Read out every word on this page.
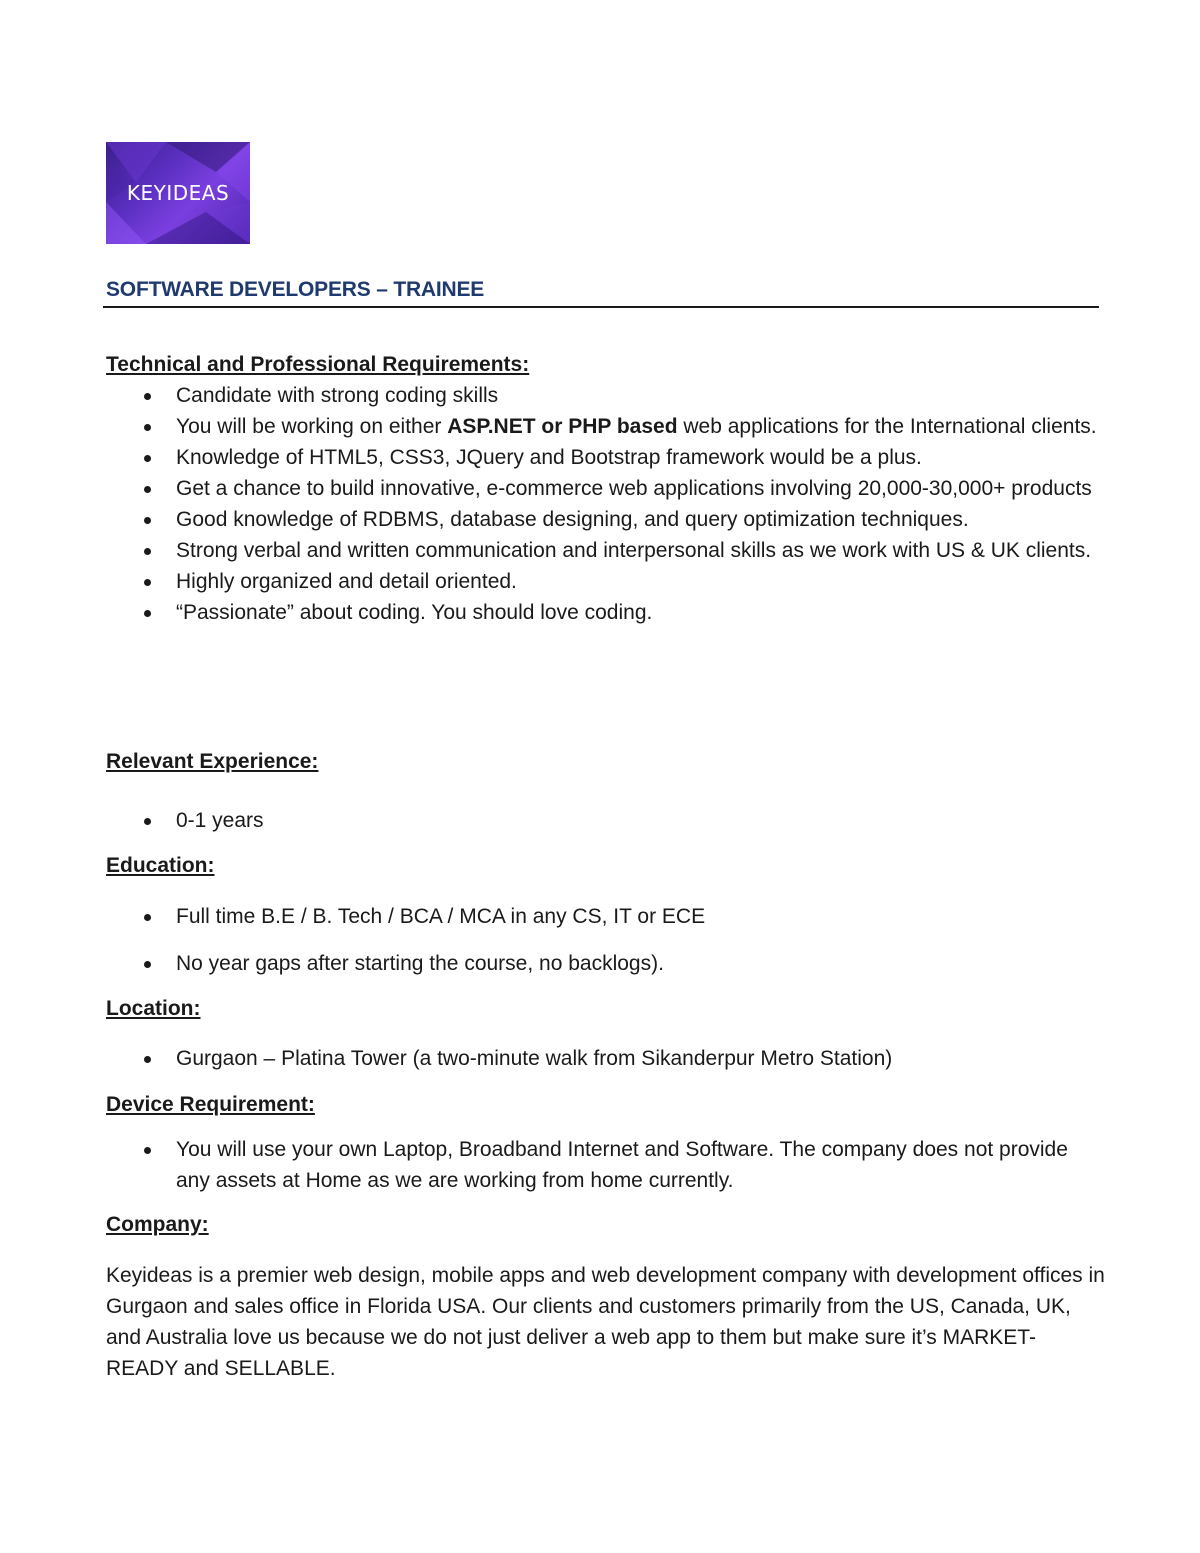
KEYIDEAS
SOFTWARE DEVELOPERS – TRAINEE

Technical and Professional Requirements:

Candidate with strong coding skills
You will be working on either ASP.NET or PHP based web applications for the International clients.
Knowledge of HTML5, CSS3, JQuery and Bootstrap framework would be a plus.
Get a chance to build innovative, e-commerce web applications involving 20,000-30,000+ products
Good knowledge of RDBMS, database designing, and query optimization techniques.
Strong verbal and written communication and interpersonal skills as we work with US & UK clients.
Highly organized and detail oriented.
“Passionate” about coding. You should love coding.

Relevant Experience:

0-1 years

Education:

Full time B.E / B. Tech / BCA / MCA in any CS, IT or ECE
No year gaps after starting the course, no backlogs).

Location:

Gurgaon – Platina Tower (a two-minute walk from Sikanderpur Metro Station)

Device Requirement:

You will use your own Laptop, Broadband Internet and Software. The company does not provide any assets at Home as we are working from home currently.

Company:

Keyideas is a premier web design, mobile apps and web development company with development offices in Gurgaon and sales office in Florida USA. Our clients and customers primarily from the US, Canada, UK, and Australia love us because we do not just deliver a web app to them but make sure it’s MARKET-READY and SELLABLE.
